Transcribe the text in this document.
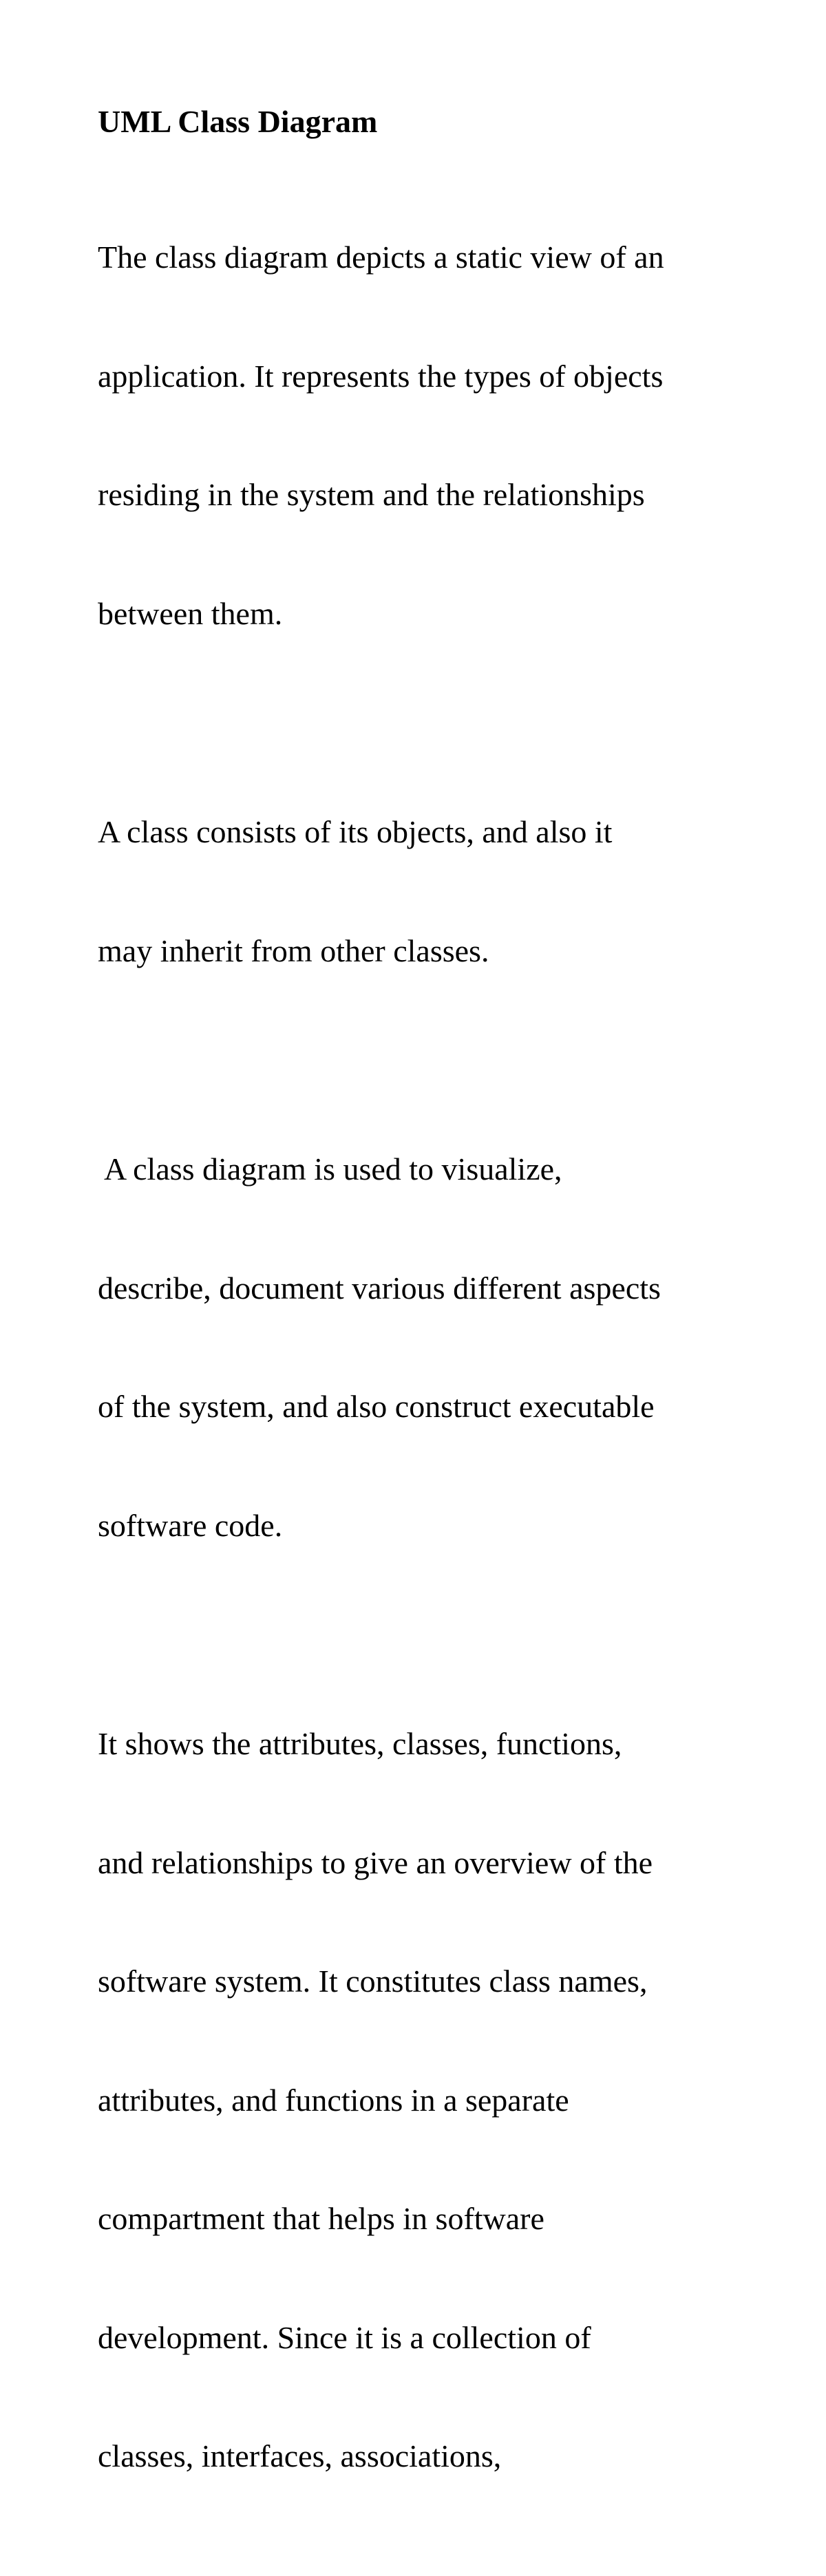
UML Class Diagram

The class diagram depicts a static view of an

application. It represents the types of objects

residing in the system and the relationships

between them.

A class consists of its objects, and also it

may inherit from other classes.

A class diagram is used to visualize,

describe, document various different aspects

of the system, and also construct executable

software code.

It shows the attributes, classes, functions,

and relationships to give an overview of the

software system. It constitutes class names,

attributes, and functions in a separate

compartment that helps in software

development. Since it is a collection of

classes, interfaces, associations,
